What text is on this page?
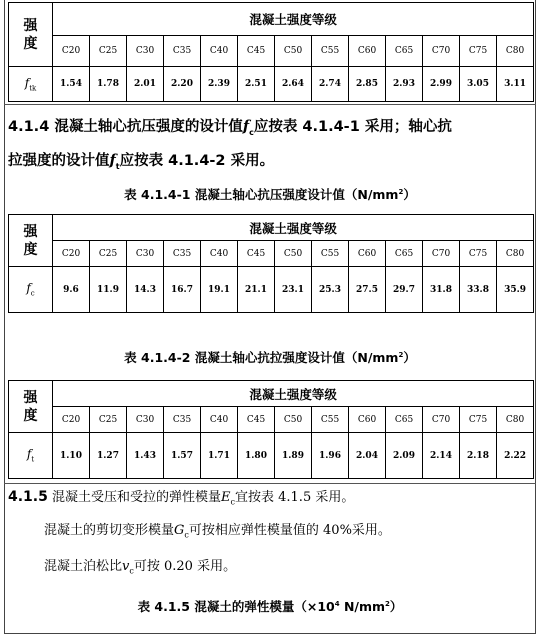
强
度	混凝土强度等级												
	C20	C25	C30	C35	C40	C45	C50	C55	C60	C65	C70	C75	C80
$f_{tk}$	1.54	1.78	2.01	2.20	2.39	2.51	2.64	2.74	2.85	2.93	2.99	3.05	3.11

4.1.4 混凝土轴心抗压强度的设计值$f_c$应按表 4.1.4-1 采用；轴心抗
拉强度的设计值$f_t$应按表 4.1.4-2 采用。

表 4.1.4-1 混凝土轴心抗压强度设计值$(N/mm^2)$

强
度	混凝土强度等级												
	C20	C25	C30	C35	C40	C45	C50	C55	C60	C65	C70	C75	C80
$f_c$	9.6	11.9	14.3	16.7	19.1	21.1	23.1	25.3	27.5	29.7	31.8	33.8	35.9

表 4.1.4-2 混凝土轴心抗拉强度设计值$(N/mm^2)$

强
度	混凝土强度等级												
	C20	C25	C30	C35	C40	C45	C50	C55	C60	C65	C70	C75	C80
$f_t$	1.10	1.27	1.43	1.57	1.71	1.80	1.89	1.96	2.04	2.09	2.14	2.18	2.22

4.1.5 混凝土受压和受拉的弹性模量$E_c$宜按表 4.1.5 采用。

混凝土的剪切变形模量$G_c$可按相应弹性模量值的 40%采用。

混凝土泊松比$v_c$可按 0.20 采用。

表 4.1.5 混凝土的弹性模量（$\times 10^4$ $N/mm^2$）
